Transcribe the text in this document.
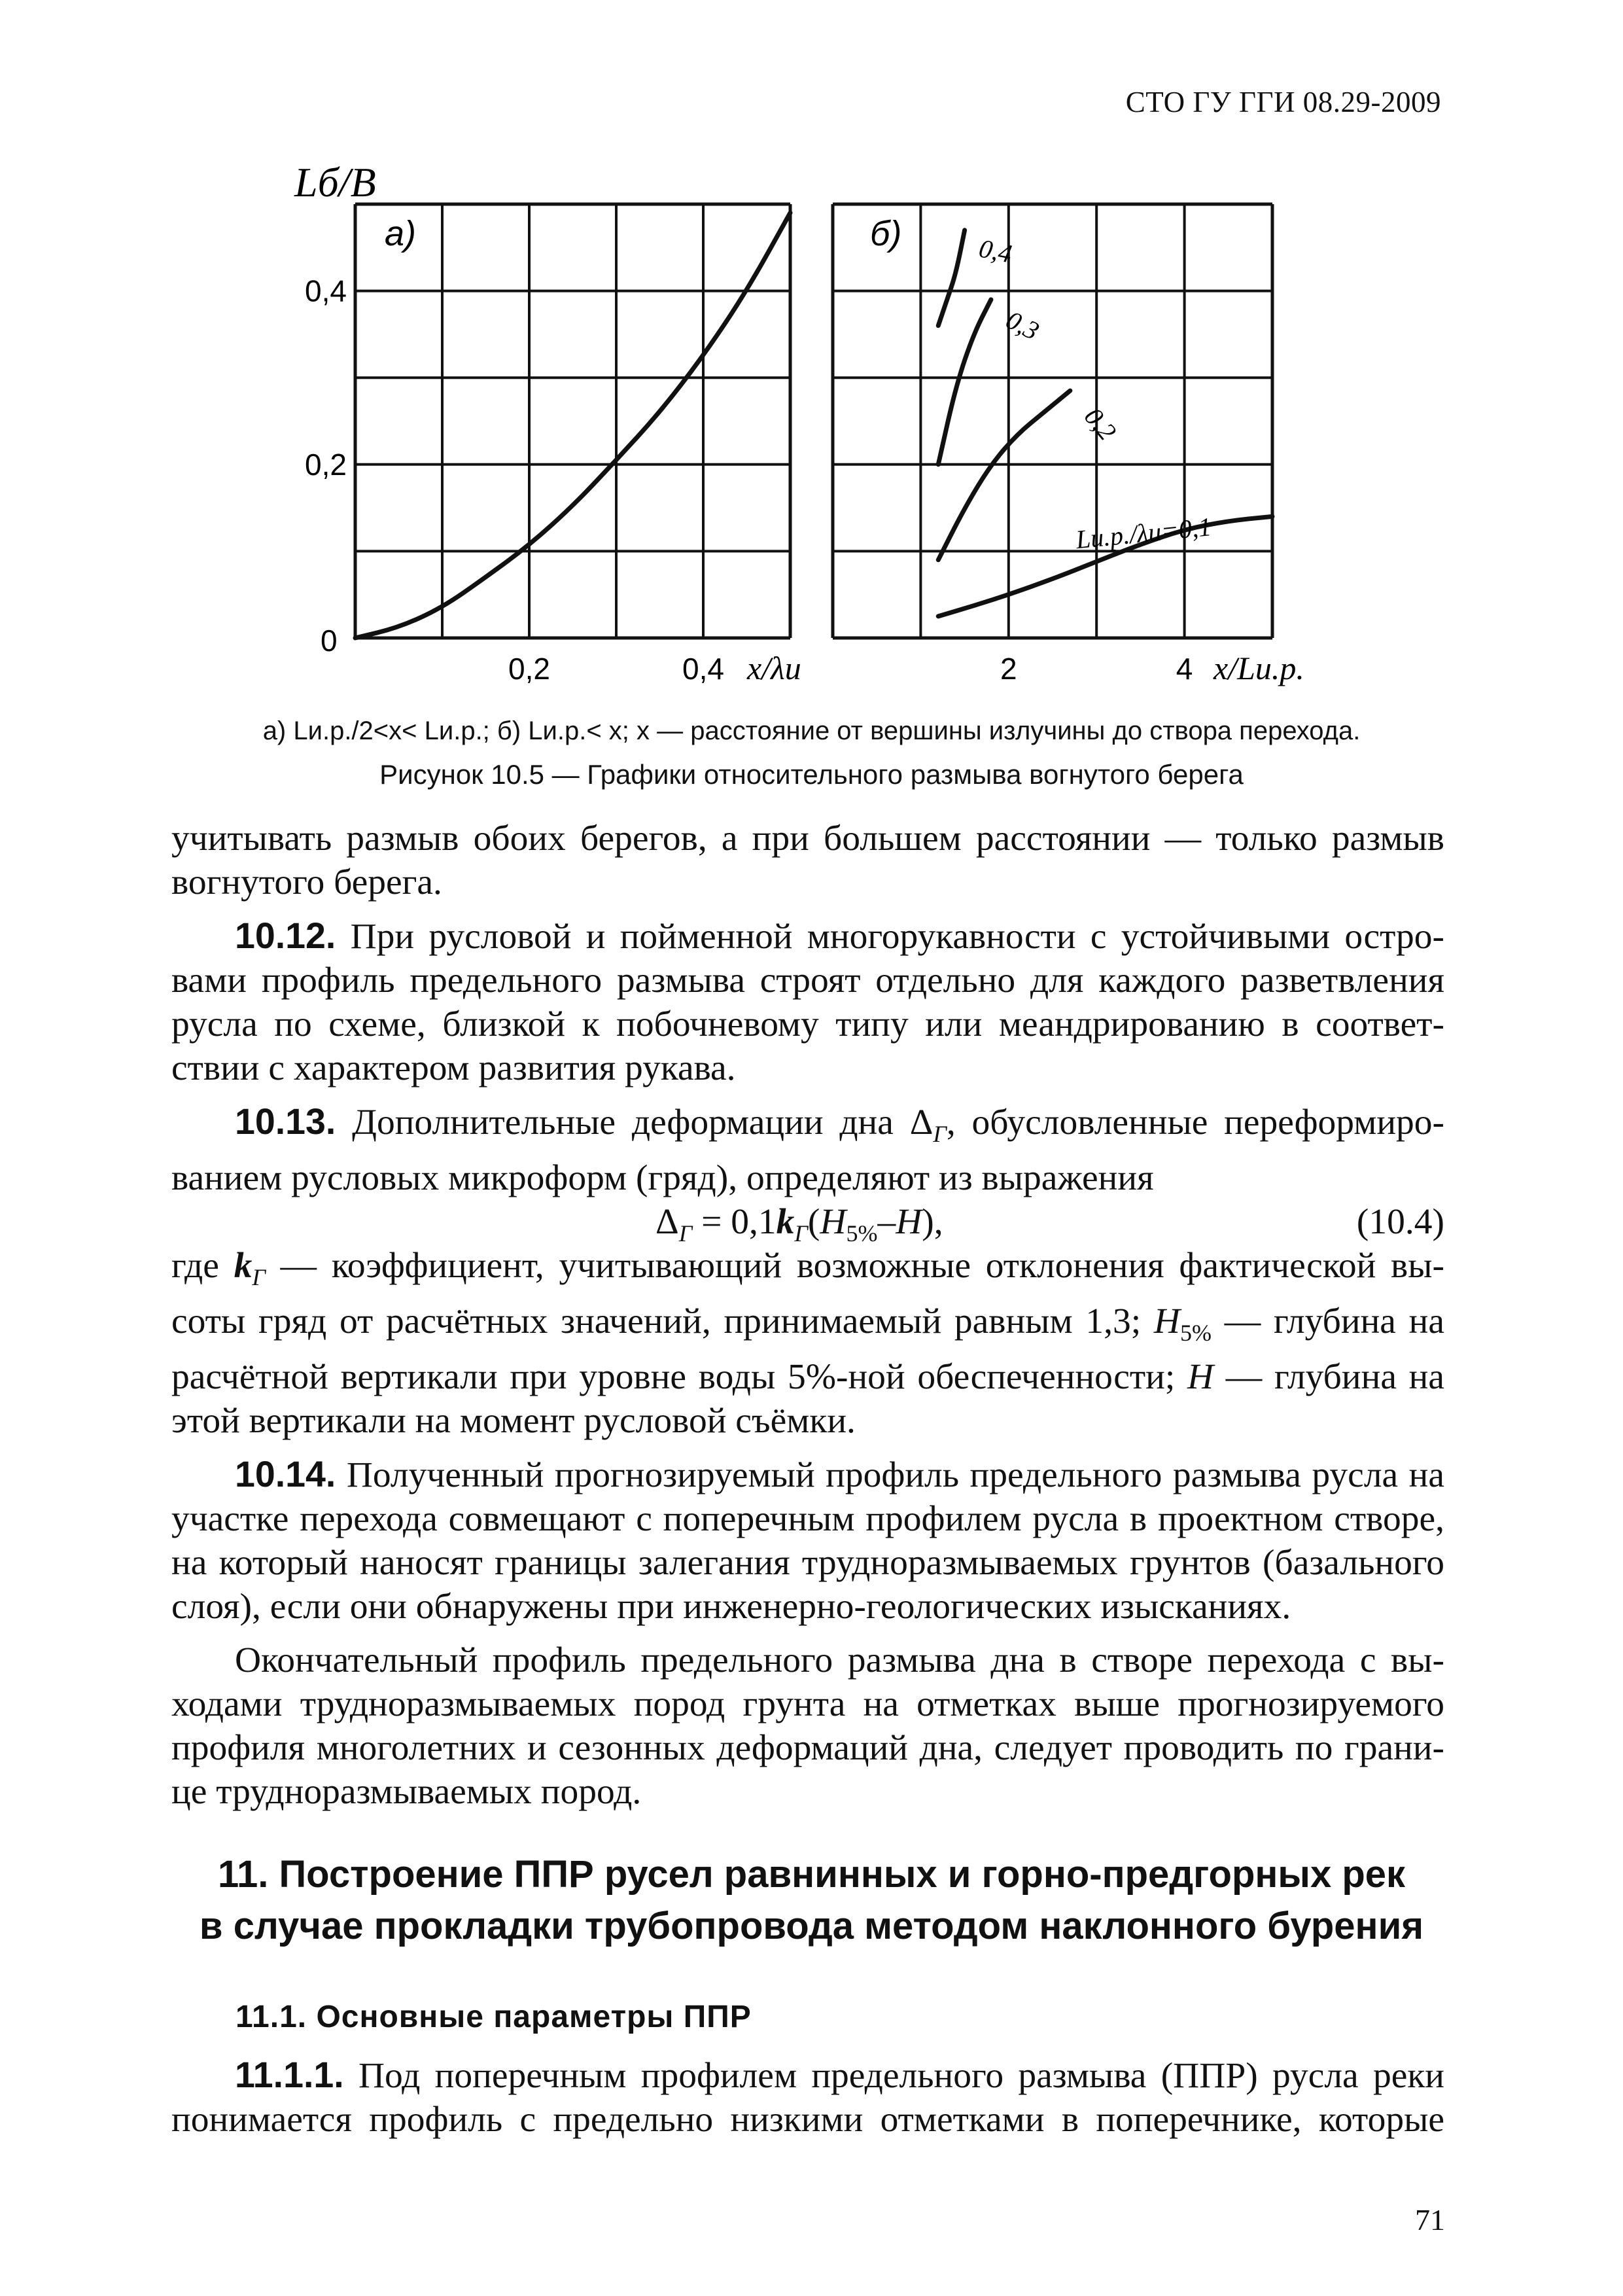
СТО ГУ ГГИ 08.29-2009
0,4
0,3
0,2
Lи.р./λи=0,1
0,2	0,4
0,2
0,4
2	4
Lб/B
а)	б)
0
x/λи	x/Lи.р.
а) Lи.р./2<x< Lи.р.; б) Lи.р.< x; x — расстояние от вершины излучины до створа перехода.
Рисунок 10.5 — Графики относительного размыва вогнутого берега

учитывать размыв обоих берегов, а при большем расстоянии — только размыв

вогнутого берега.

10.12. При русловой и пойменной многорукавности с устойчивыми островами профиль предельного размыва строят отдельно для каждого разветвления русла по схеме, близкой к побочневому типу или меандрированию в соответствии с характером развития рукава.

10.13. Дополнительные деформации дна $\Delta_Г$, обусловленные переформированием русловых микроформ (гряд), определяют из выражения

$\Delta_Г = 0,1k_Г(H_{5\%}-H)$,	(10.4)

где $k_Г$ — коэффициент, учитывающий возможные отклонения фактической высоты гряд от расчётных значений, принимаемый равным 1,3; $H_{5\%}$ — глубина на расчётной вертикали при уровне воды 5%-ной обеспеченности; H — глубина на этой вертикали на момент русловой съёмки.

10.14. Полученный прогнозируемый профиль предельного размыва русла на участке перехода совмещают с поперечным профилем русла в проектном створе, на который наносят границы залегания трудноразмываемых грунтов (базального слоя), если они обнаружены при инженерно-геологических изысканиях.

Окончательный профиль предельного размыва дна в створе перехода с выходами трудноразмываемых пород грунта на отметках выше прогнозируемого профиля многолетних и сезонных деформаций дна, следует проводить по границе трудноразмываемых пород.

11. Построение ППР русел равнинных и горно-предгорных рек
в случае прокладки трубопровода методом наклонного бурения
11.1. Основные параметры ППР

11.1.1. Под поперечным профилем предельного размыва (ППР) русла реки

понимается профиль с предельно низкими отметками в поперечнике, которые

71
